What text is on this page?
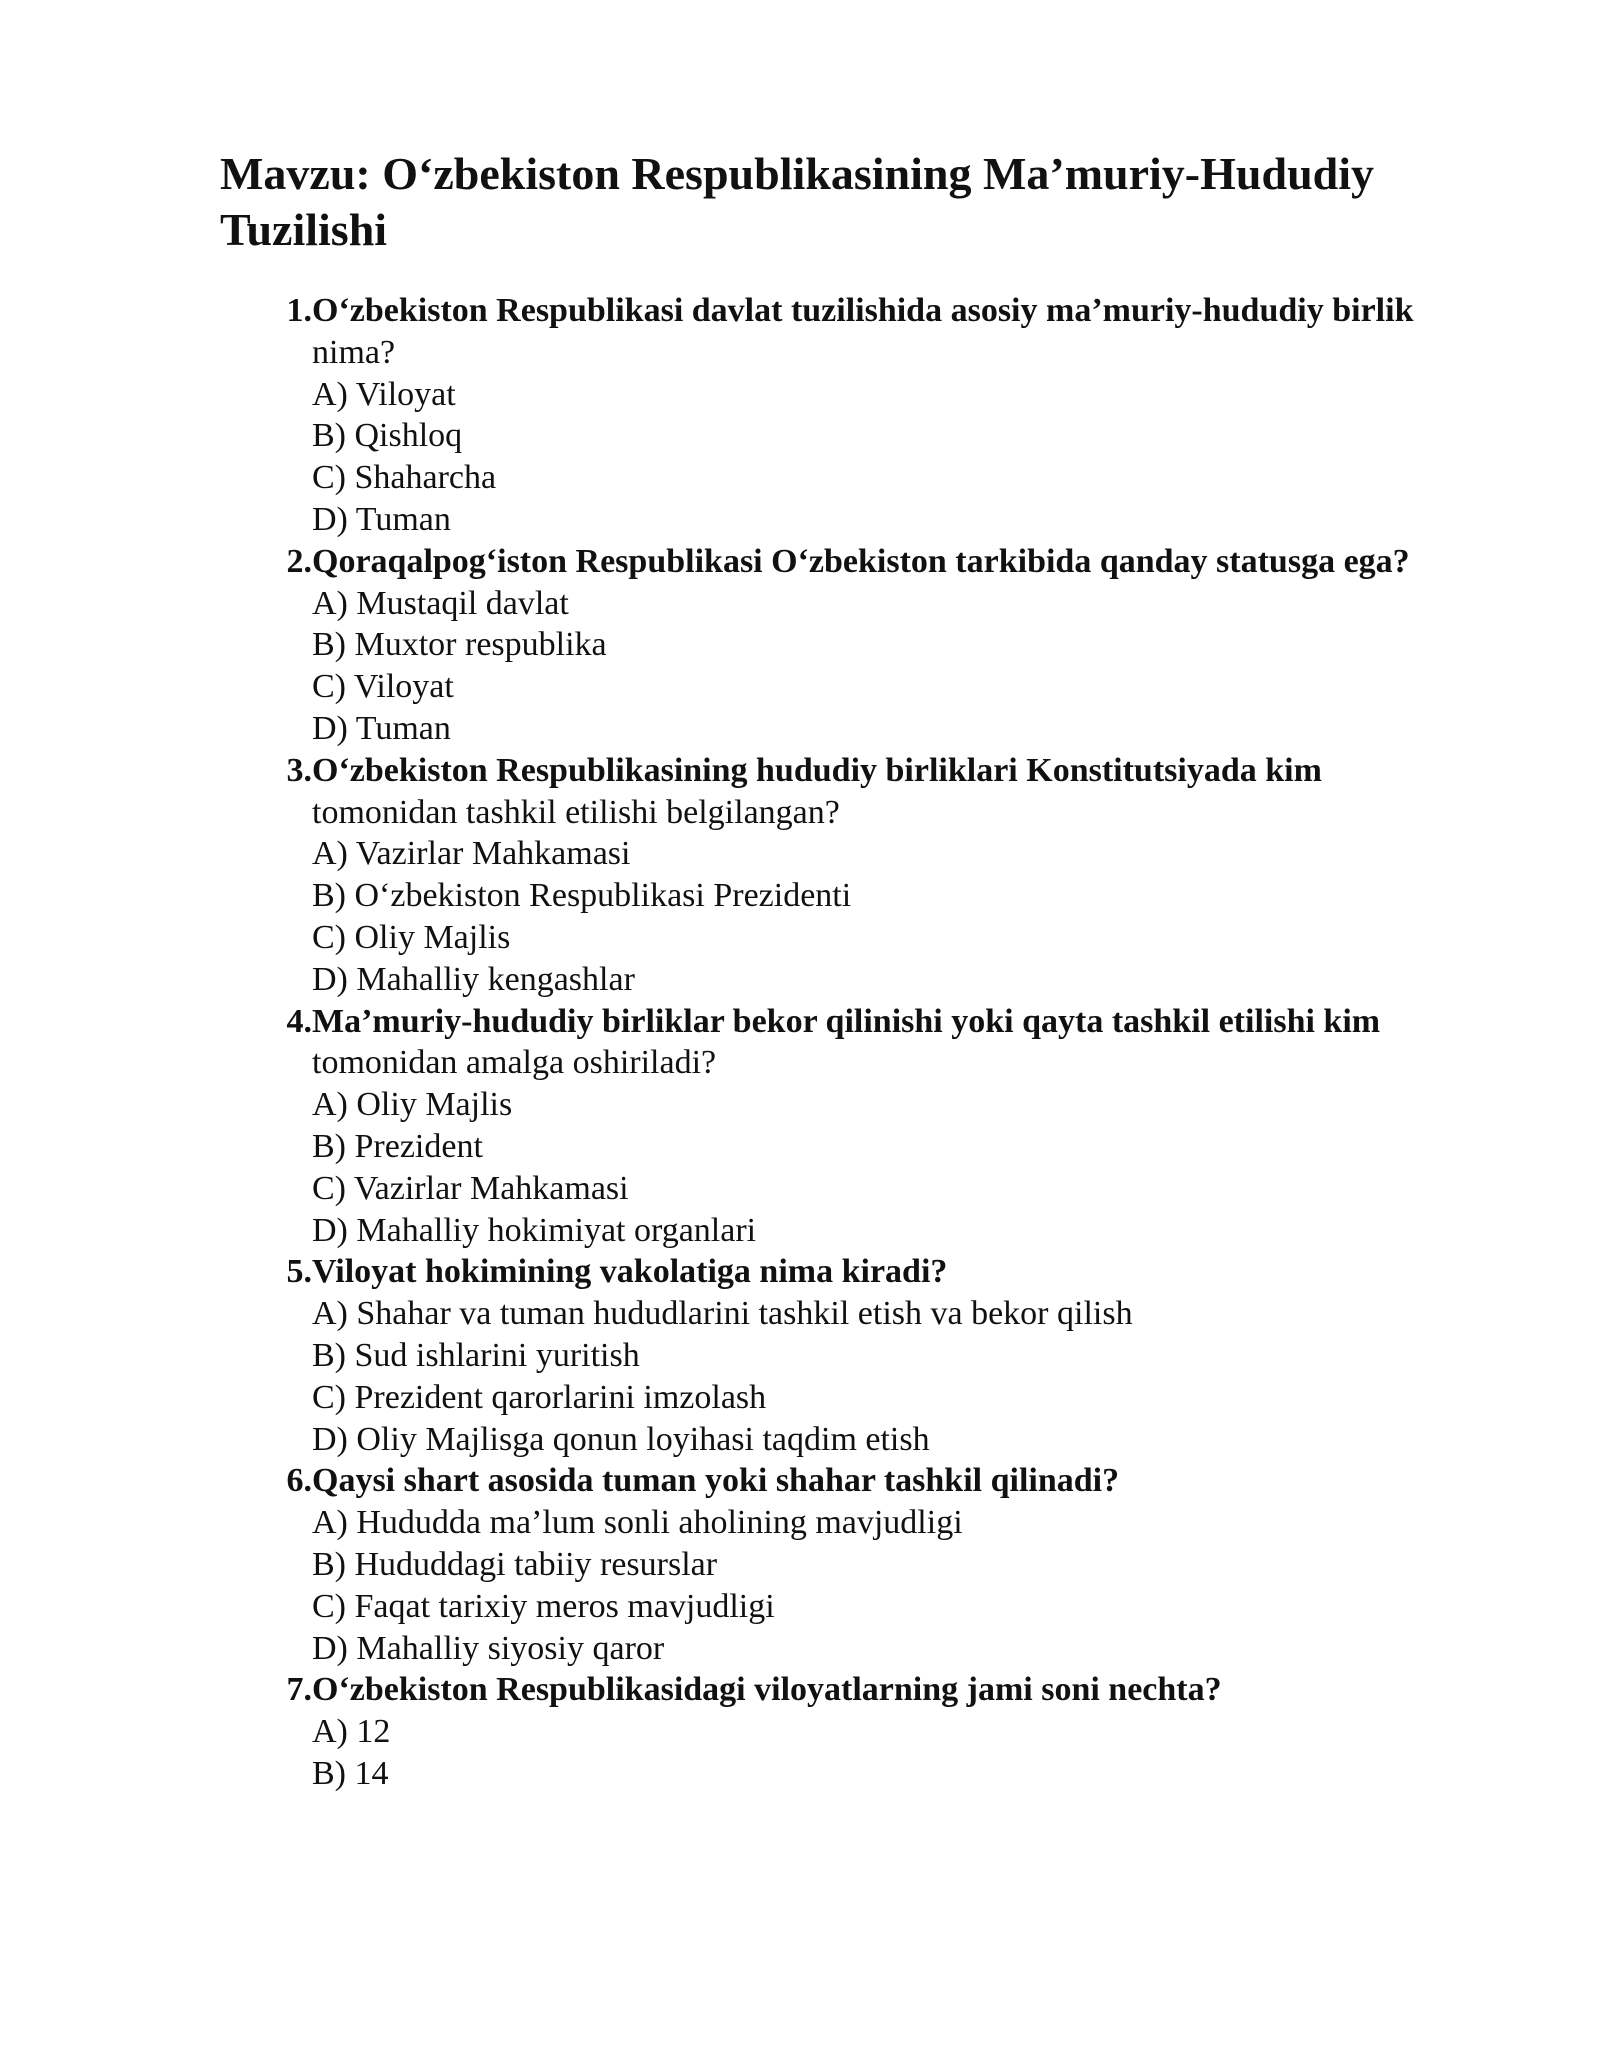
Mavzu: O‘zbekiston Respublikasining Ma’muriy-Hududiy Tuzilishi
1. O‘zbekiston Respublikasi davlat tuzilishida asosiy ma’muriy-hududiy birlik nima?

A) Viloyat

B) Qishloq

C) Shaharcha

D) Tuman

2. Qoraqalpog‘iston Respublikasi O‘zbekiston tarkibida qanday statusga ega?

A) Mustaqil davlat

B) Muxtor respublika

C) Viloyat

D) Tuman

3. O‘zbekiston Respublikasining hududiy birliklari Konstitutsiyada kim tomonidan tashkil etilishi belgilangan?

A) Vazirlar Mahkamasi

B) O‘zbekiston Respublikasi Prezidenti

C) Oliy Majlis

D) Mahalliy kengashlar

4. Ma’muriy-hududiy birliklar bekor qilinishi yoki qayta tashkil etilishi kim tomonidan amalga oshiriladi?

A) Oliy Majlis

B) Prezident

C) Vazirlar Mahkamasi

D) Mahalliy hokimiyat organlari

5. Viloyat hokimining vakolatiga nima kiradi?

A) Shahar va tuman hududlarini tashkil etish va bekor qilish

B) Sud ishlarini yuritish

C) Prezident qarorlarini imzolash

D) Oliy Majlisga qonun loyihasi taqdim etish

6. Qaysi shart asosida tuman yoki shahar tashkil qilinadi?

A) Hududda ma’lum sonli aholining mavjudligi

B) Hududdagi tabiiy resurslar

C) Faqat tarixiy meros mavjudligi

D) Mahalliy siyosiy qaror

7. O‘zbekiston Respublikasidagi viloyatlarning jami soni nechta?

A) 12

B) 14
